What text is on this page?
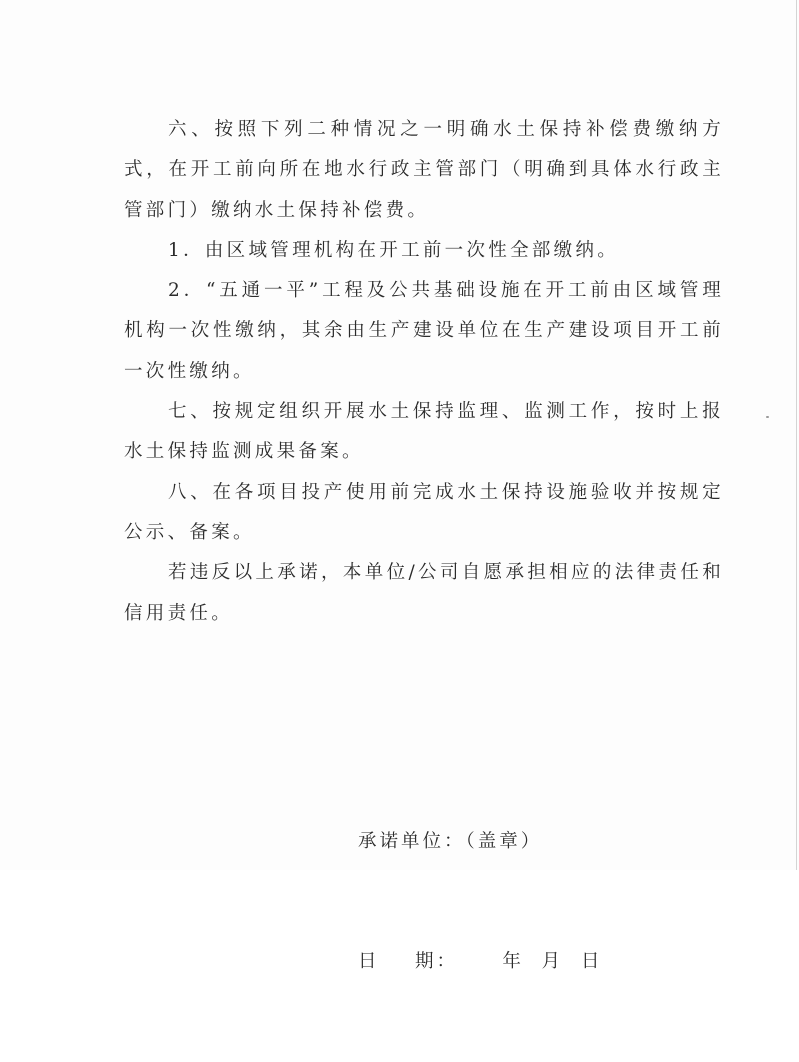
六、按照下列二种情况之一明确水土保持补偿费缴纳方式，在开工前向所在地水行政主管部门（明确到具体水行政主管部门）缴纳水土保持补偿费。

1．由区域管理机构在开工前一次性全部缴纳。

2．“五通一平”工程及公共基础设施在开工前由区域管理机构一次性缴纳，其余由生产建设单位在生产建设项目开工前一次性缴纳。

七、按规定组织开展水土保持监理、监测工作，按时上报水土保持监测成果备案。

八、在各项目投产使用前完成水土保持设施验收并按规定公示、备案。

若违反以上承诺，本单位/公司自愿承担相应的法律责任和信用责任。

承诺单位：（盖章）

日    期：     年  月  日
